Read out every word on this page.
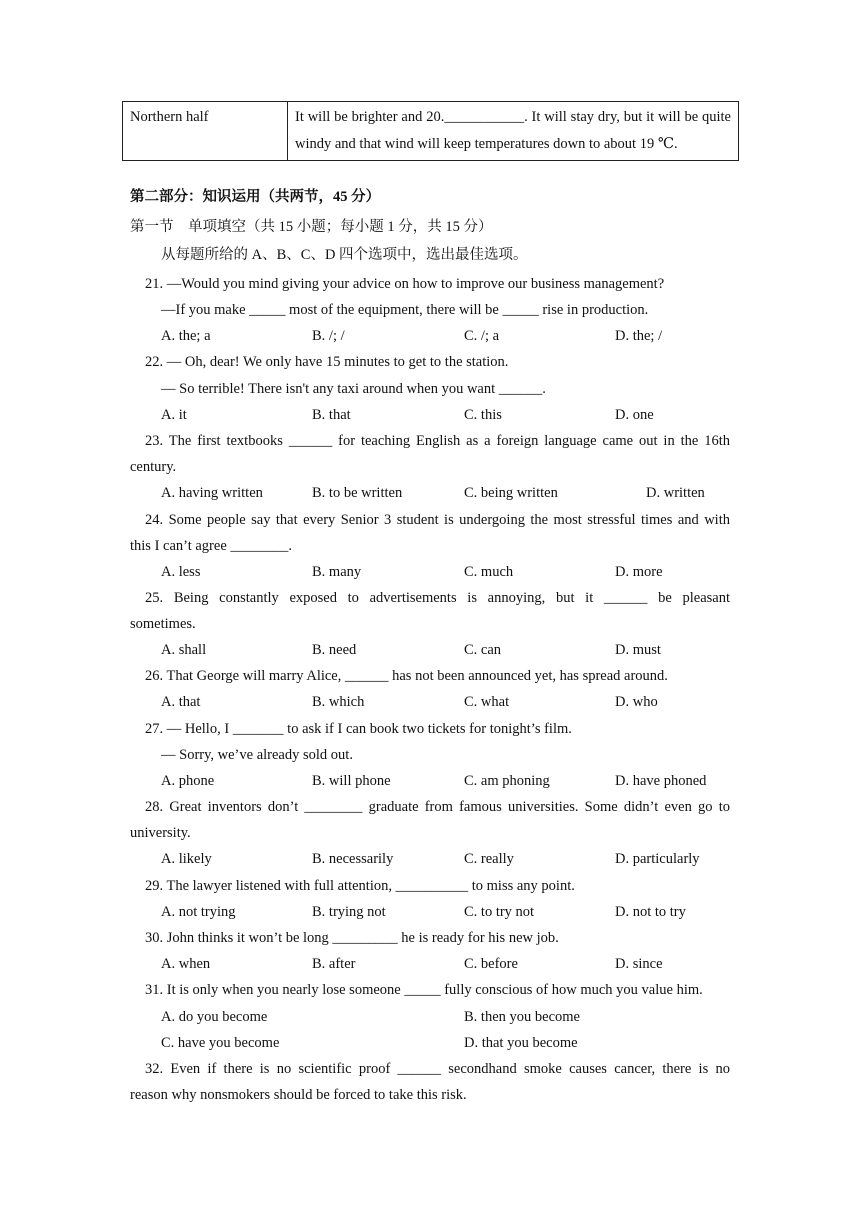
Northern half	It will be brighter and 20.___________. It will stay dry, but it will be quite windy and that wind will keep temperatures down to about 19 ℃.
第二部分：知识运用（共两节，45 分）
第一节　单项填空（共 15 小题；每小题 1 分，共 15 分）
从每题所给的 A、B、C、D 四个选项中，选出最佳选项。
21. —Would you mind giving your advice on how to improve our business management?
—If you make _____ most of the equipment, there will be _____ rise in production.
A. the; a	B. /; /	C. /; a	D. the; /
22. — Oh, dear! We only have 15 minutes to get to the station.
— So terrible! There isn't any taxi around when you want ______.
A. it	B. that	C. this	D. one
23. The first textbooks ______ for teaching English as a foreign language came out in the 16th
century.
A. having written	B. to be written	C. being written	D. written
24. Some people say that every Senior 3 student is undergoing the most stressful times and with
this I can’t agree ________.
A. less	B. many	C. much	D. more
25. Being constantly exposed to advertisements is annoying, but it ______ be pleasant
sometimes.
A. shall	B. need	C. can	D. must
26. That George will marry Alice, ______ has not been announced yet, has spread around.
A. that	B. which	C. what	D. who
27. — Hello, I _______ to ask if I can book two tickets for tonight’s film.
— Sorry, we’ve already sold out.
A. phone	B. will phone	C. am phoning	D. have phoned
28. Great inventors don’t ________ graduate from famous universities. Some didn’t even go to
university.
A. likely	B. necessarily	C. really	D. particularly
29. The lawyer listened with full attention, __________ to miss any point.
A. not trying	B. trying not	C. to try not	D. not to try
30. John thinks it won’t be long _________ he is ready for his new job.
A. when	B. after	C. before	D. since
31. It is only when you nearly lose someone _____ fully conscious of how much you value him.
A. do you become	B. then you become
C. have you become	D. that you become
32. Even if there is no scientific proof ______ secondhand smoke causes cancer, there is no
reason why nonsmokers should be forced to take this risk.
